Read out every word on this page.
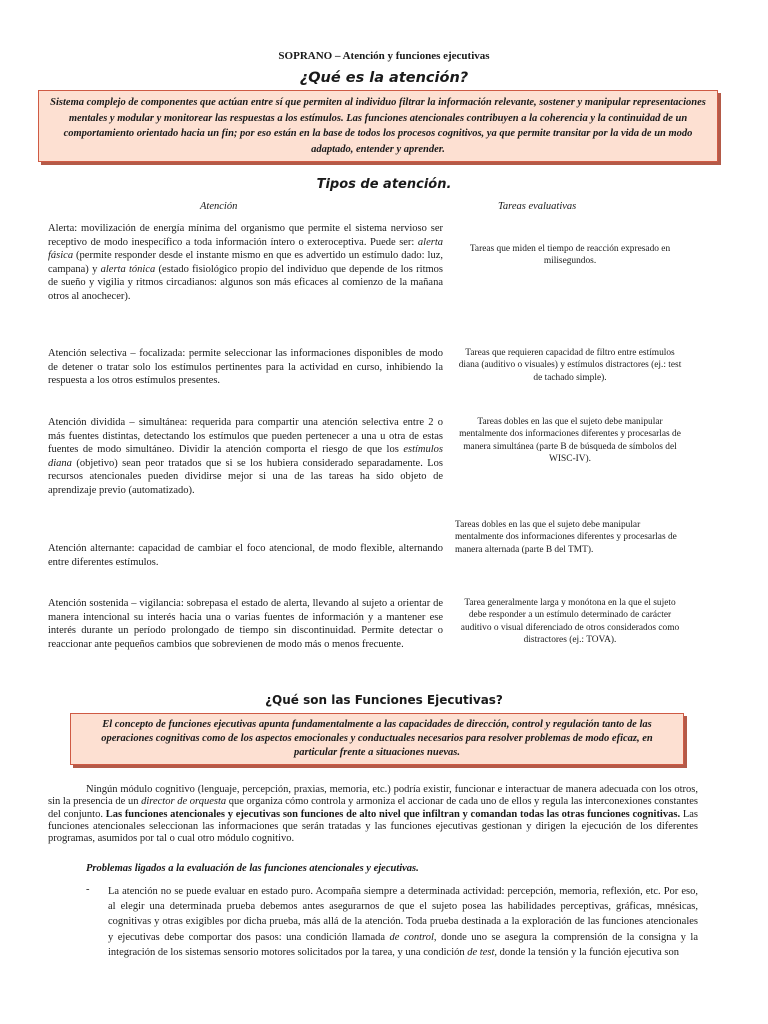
SOPRANO – Atención y funciones ejecutivas
¿Qué es la atención?

Sistema complejo de componentes que actúan entre sí que permiten al individuo filtrar la información relevante, sostener y manipular representaciones mentales y modular y monitorear las respuestas a los estímulos. Las funciones atencionales contribuyen a la coherencia y la continuidad de un comportamiento orientado hacia un fin; por eso están en la base de todos los procesos cognitivos, ya que permite transitar por la vida de un modo adaptado, entender y aprender.

Tipos de atención.
Atención	Tareas evaluativas
Alerta: movilización de energía mínima del organismo que permite el sistema nervioso ser receptivo de modo inespecífico a toda información íntero o exteroceptiva. Puede ser: alerta fásica (permite responder desde el instante mismo en que es advertido un estímulo dado: luz, campana) y alerta tónica (estado fisiológico propio del individuo que depende de los ritmos de sueño y vigilia y ritmos circadianos: algunos son más eficaces al comienzo de la mañana otros al anochecer).
Tareas que miden el tiempo de reacción expresado en milisegundos.
Atención selectiva – focalizada: permite seleccionar las informaciones disponibles de modo de detener o tratar solo los estímulos pertinentes para la actividad en curso, inhibiendo la respuesta a los otros estímulos presentes.
Tareas que requieren capacidad de filtro entre estímulos diana (auditivo o visuales) y estímulos distractores (ej.: test de tachado simple).
Atención dividida – simultánea: requerida para compartir una atención selectiva entre 2 o más fuentes distintas, detectando los estímulos que pueden pertenecer a una u otra de estas fuentes de modo simultáneo. Dividir la atención comporta el riesgo de que los estímulos diana (objetivo) sean peor tratados que si se los hubiera considerado separadamente. Los recursos atencionales pueden dividirse mejor si una de las tareas ha sido objeto de aprendizaje previo (automatizado).
Tareas dobles en las que el sujeto debe manipular mentalmente dos informaciones diferentes y procesarlas de manera simultánea (parte B de búsqueda de símbolos del WISC-IV).
Atención alternante: capacidad de cambiar el foco atencional, de modo flexible, alternando entre diferentes estímulos.
Tareas dobles en las que el sujeto debe manipular mentalmente dos informaciones diferentes y procesarlas de manera alternada (parte B del TMT).
Atención sostenida – vigilancia: sobrepasa el estado de alerta, llevando al sujeto a orientar de manera intencional su interés hacia una o varias fuentes de información y a mantener ese interés durante un período prolongado de tiempo sin discontinuidad. Permite detectar o reaccionar ante pequeños cambios que sobrevienen de modo más o menos frecuente.
Tarea generalmente larga y monótona en la que el sujeto debe responder a un estímulo determinado de carácter auditivo o visual diferenciado de otros considerados como distractores (ej.: TOVA).
¿Qué son las Funciones Ejecutivas?

El concepto de funciones ejecutivas apunta fundamentalmente a las capacidades de dirección, control y regulación tanto de las operaciones cognitivas como de los aspectos emocionales y conductuales necesarios para resolver problemas de modo eficaz, en particular frente a situaciones nuevas.

Ningún módulo cognitivo (lenguaje, percepción, praxias, memoria, etc.) podría existir, funcionar e interactuar de manera adecuada con los otros, sin la presencia de un director de orquesta que organiza cómo controla y armoniza el accionar de cada uno de ellos y regula las interconexiones constantes del conjunto. Las funciones atencionales y ejecutivas son funciones de alto nivel que infiltran y comandan todas las otras funciones cognitivas. Las funciones atencionales seleccionan las informaciones que serán tratadas y las funciones ejecutivas gestionan y dirigen la ejecución de los diferentes programas, asumidos por tal o cual otro módulo cognitivo.
Problemas ligados a la evaluación de las funciones atencionales y ejecutivas.
- La atención no se puede evaluar en estado puro. Acompaña siempre a determinada actividad: percepción, memoria, reflexión, etc. Por eso, al elegir una determinada prueba debemos antes asegurarnos de que el sujeto posea las habilidades perceptivas, gráficas, mnésicas, cognitivas y otras exigibles por dicha prueba, más allá de la atención. Toda prueba destinada a la exploración de las funciones atencionales y ejecutivas debe comportar dos pasos: una condición llamada de control, donde uno se asegura la comprensión de la consigna y la integración de los sistemas sensorio motores solicitados por la tarea, y una condición de test, donde la tensión y la función ejecutiva son
